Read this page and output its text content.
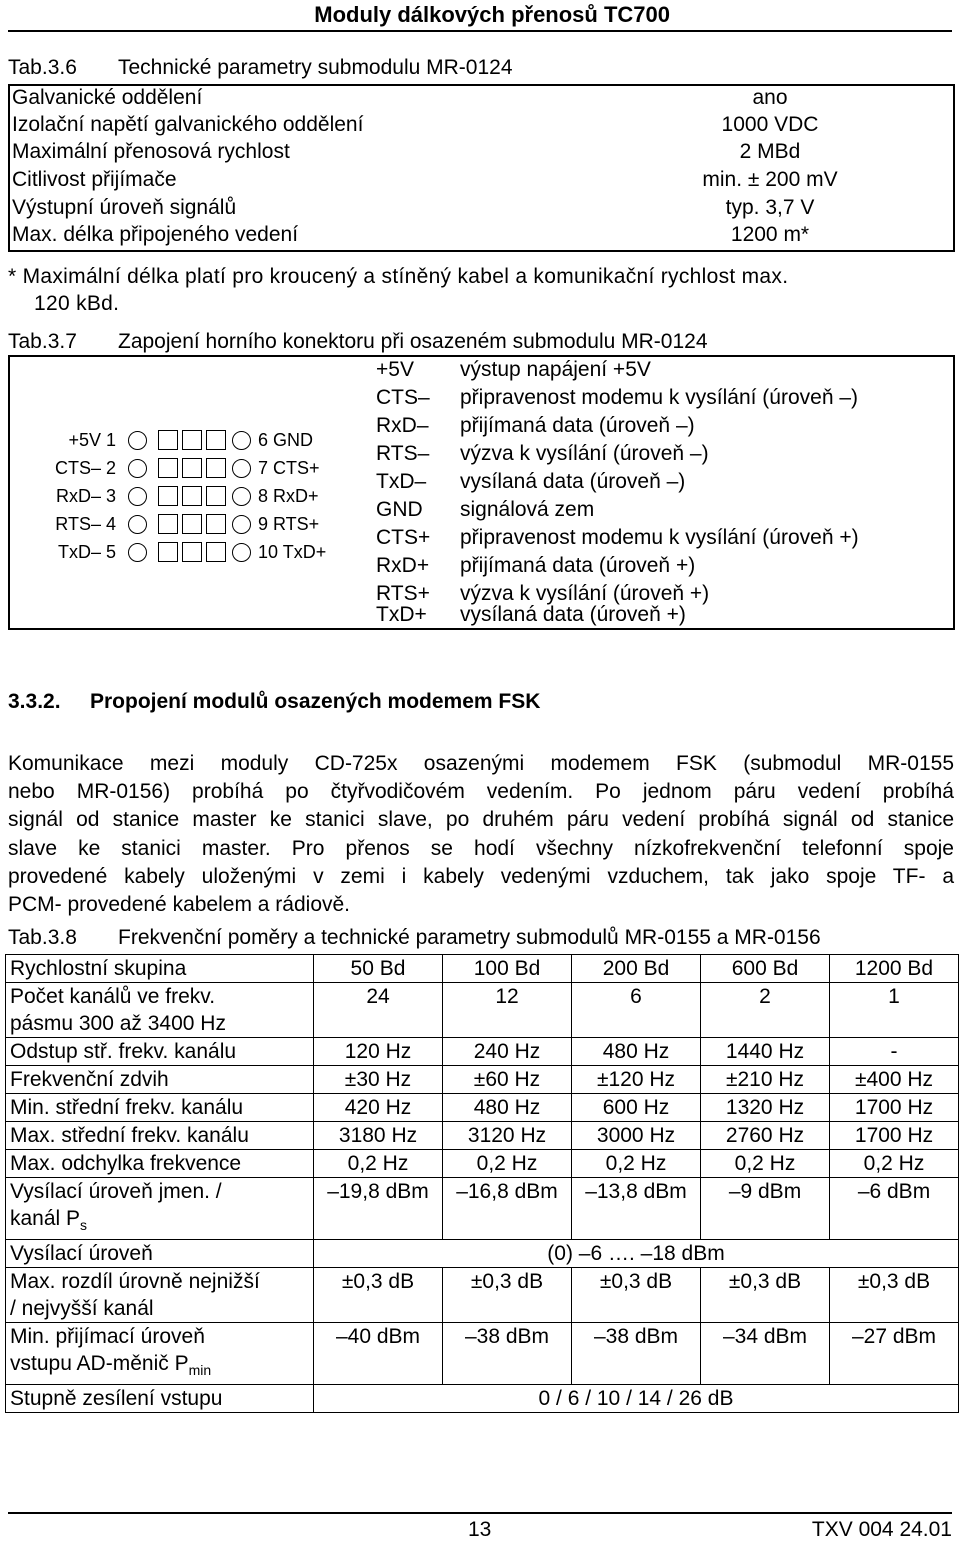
Moduly dálkových přenosů TC700
Tab.3.6 Technické parametry submodulu MR-0124
Galvanické oddělení	ano
Izolační napětí galvanického oddělení	1000 VDC
Maximální přenosová rychlost	2 MBd
Citlivost přijímače	min. ± 200 mV
Výstupní úroveň signálů	typ. 3,7 V
Max. délka připojeného vedení	1200 m*
* Maximální délka platí pro kroucený a stíněný kabel a komunikační rychlost max.
120 kBd.
Tab.3.7 Zapojení horního konektoru při osazeném submodulu MR-0124
+5V 1
CTS– 2
RxD– 3
RTS– 4
TxD– 5
6 GND
7 CTS+
8 RxD+
9 RTS+
10 TxD+
+5V výstup napájení +5V
CTS– připravenost modemu k vysílání (úroveň –)
RxD– přijímaná data (úroveň –)
RTS– výzva k vysílání (úroveň –)
TxD– vysílaná data (úroveň –)
GND signálová zem
CTS+ připravenost modemu k vysílání (úroveň +)
RxD+ přijímaná data (úroveň +)
RTS+ výzva k vysílání (úroveň +)
TxD+ vysílaná data (úroveň +)
3.3.2. Propojení modulů osazených modemem FSK

Komunikace mezi moduly CD-725x osazenými modemem FSK (submodul MR-0155

nebo MR-0156) probíhá po čtyřvodičovém vedením. Po jednom páru vedení probíhá

signál od stanice master ke stanici slave, po druhém páru vedení probíhá signál od stanice

slave ke stanici master. Pro přenos se hodí všechny nízkofrekvenční telefonní spoje

provedené kabely uloženými v zemi i kabely vedenými vzduchem, tak jako spoje TF- a

PCM- provedené kabelem a rádiově.

Tab.3.8 Frekvenční poměry a technické parametry submodulů MR-0155 a MR-0156
Rychlostní skupina	50 Bd	100 Bd	200 Bd	600 Bd	1200 Bd
Počet kanálů ve frekv.
pásmu 300 až 3400 Hz	24	12	6	2	1
Odstup stř. frekv. kanálu	120 Hz	240 Hz	480 Hz	1440 Hz	-
Frekvenční zdvih	±30 Hz	±60 Hz	±120 Hz	±210 Hz	±400 Hz
Min. střední frekv. kanálu	420 Hz	480 Hz	600 Hz	1320 Hz	1700 Hz
Max. střední frekv. kanálu	3180 Hz	3120 Hz	3000 Hz	2760 Hz	1700 Hz
Max. odchylka frekvence	0,2 Hz	0,2 Hz	0,2 Hz	0,2 Hz	0,2 Hz
Vysílací úroveň jmen. /
kanál $P_s$	–19,8 dBm	–16,8 dBm	–13,8 dBm	–9 dBm	–6 dBm
Vysílací úroveň	(0) –6 …. –18 dBm				
Max. rozdíl úrovně nejnižší
/ nejvyšší kanál	±0,3 dB	±0,3 dB	±0,3 dB	±0,3 dB	±0,3 dB
Min. přijímací úroveň
vstupu AD-měnič $P_{min}$	–40 dBm	–38 dBm	–38 dBm	–34 dBm	–27 dBm
Stupně zesílení vstupu	0 / 6 / 10 / 14 / 26 dB				
13	TXV 004 24.01
